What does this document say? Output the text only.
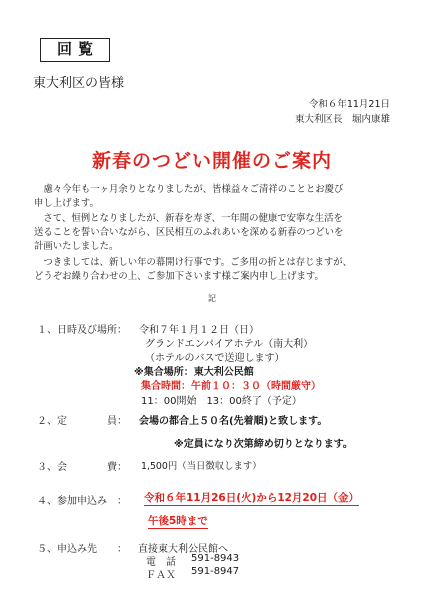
回覧
東大利区の皆様
令和６年11月21日
東大利区長　堀内康雄
新春のつどい開催のご案内
　慮々今年も一ヶ月余りとなりましたが、皆様益々ご清祥のこととお慶び
申し上げます。
　さて、恒例となりましたが、新春を寿ぎ、一年間の健康で安寧な生活を
送ることを誓い合いながら、区民相互のふれあいを深める新春のつどいを
計画いたしました。
　つきましては、新しい年の幕開け行事です。ご多用の折とは存じますが、
どうぞお繰り合わせの上、ご参加下さいます様ご案内申し上げます。
記
１、日時及び場所： 令和７年１月１２日（日）
グランドエンパイアホテル（南大利）
（ホテルのバスで送迎します）
※集合場所：東大利公民館
集合時間：午前１０：３０（時間厳守）
11：00開始　13：00終了（予定）
２、定　　　　員： 会場の都合上５０名(先着順)と致します。
※定員になり次第締め切りとなります。
３、会　　　　費： 1,500円（当日徴収します）
４、参加申込み　： 令和６年11月26日(火)から12月20日（金）
午後5時まで
５、申込み先　　： 直接東大利公民館へ
電　話 591-8943
ＦＡＸ 591-8947
